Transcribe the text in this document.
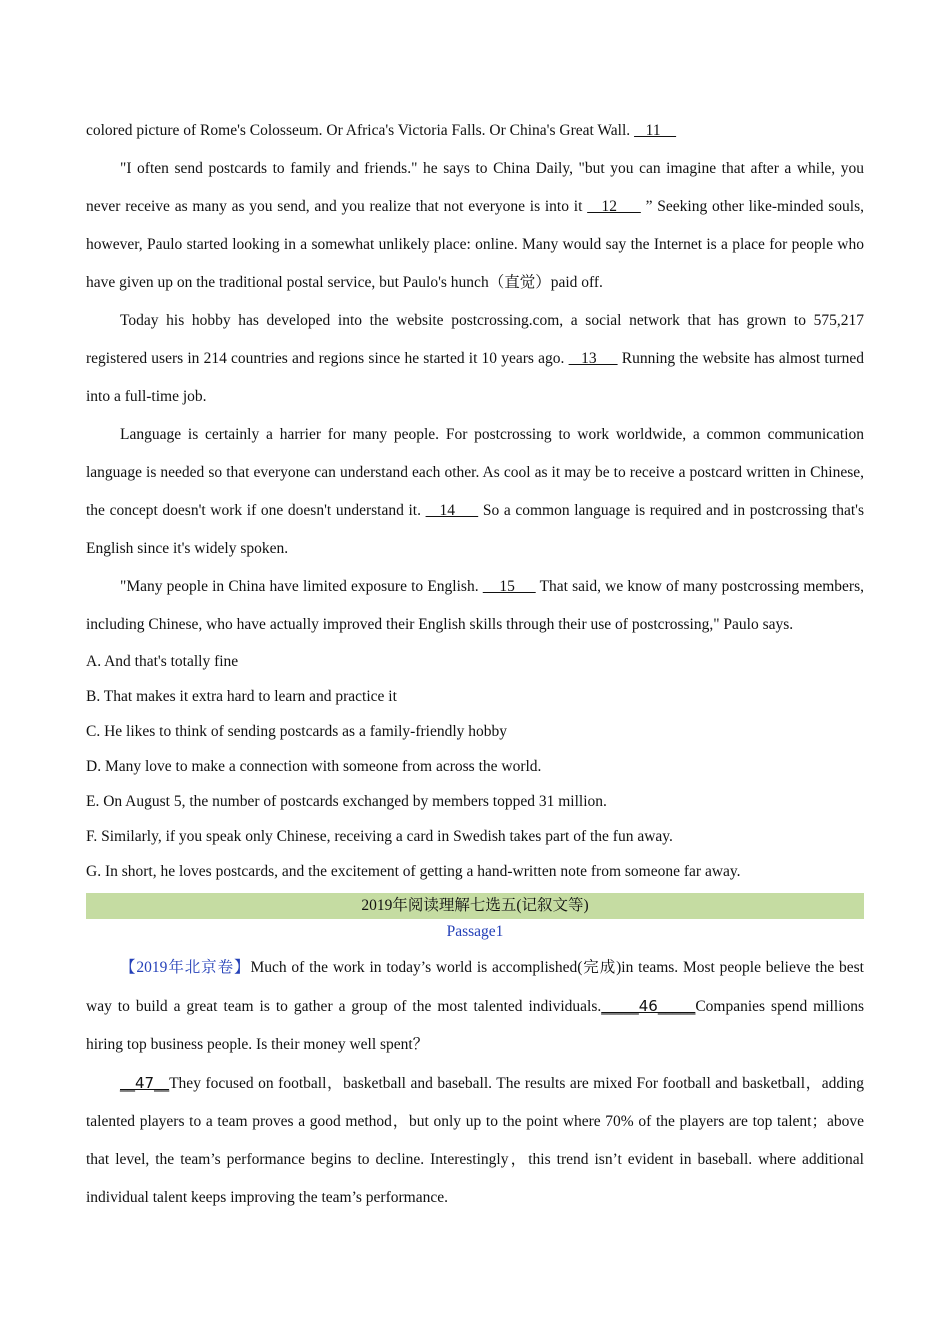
colored picture of Rome's Colosseum. Or Africa's Victoria Falls. Or China's Great Wall.    11

"I often send postcards to family and friends." he says to China Daily, "but you can imagine that after a while, you never receive as many as you send, and you realize that not everyone is into it    12      ” Seeking other like-minded souls, however, Paulo started looking in a somewhat unlikely place: online. Many would say the Internet is a place for people who have given up on the traditional postal service, but Paulo's hunch（直觉）paid off.

Today his hobby has developed into the website postcrossing.com, a social network that has grown to 575,217 registered users in 214 countries and regions since he started it 10 years ago.    13      Running the website has almost turned into a full-time job.

Language is certainly a harrier for many people. For postcrossing to work worldwide, a common communication language is needed so that everyone can understand each other. As cool as it may be to receive a postcard written in Chinese, the concept doesn't work if one doesn't understand it.    14      So a common language is required and in postcrossing that's English since it's widely spoken.

"Many people in China have limited exposure to English.     15      That said, we know of many postcrossing members, including Chinese, who have actually improved their English skills through their use of postcrossing," Paulo says.

A. And that's totally fine

B. That makes it extra hard to learn and practice it

C. He likes to think of sending postcards as a family-friendly hobby

D. Many love to make a connection with someone from across the world.

E. On August 5, the number of postcards exchanged by members topped 31 million.

F. Similarly, if you speak only Chinese, receiving a card in Swedish takes part of the fun away.

G. In short, he loves postcards, and the excitement of getting a hand-written note from someone far away.

2019年阅读理解七选五(记叙文等)
Passage1

【2019年北京卷】Much of the work in today’s world is accomplished(完成)in teams. Most people believe the best way to build a great team is to gather a group of the most talented individuals._____46_____Companies spend millions hiring top business people. Is their money well spent？

__47__They focused on football，basketball and baseball. The results are mixed For football and basketball，adding talented players to a team proves a good method，but only up to the point where 70% of the players are top talent；above that level, the team’s performance begins to decline. Interestingly，this trend isn’t evident in baseball. where additional individual talent keeps improving the team’s performance.
